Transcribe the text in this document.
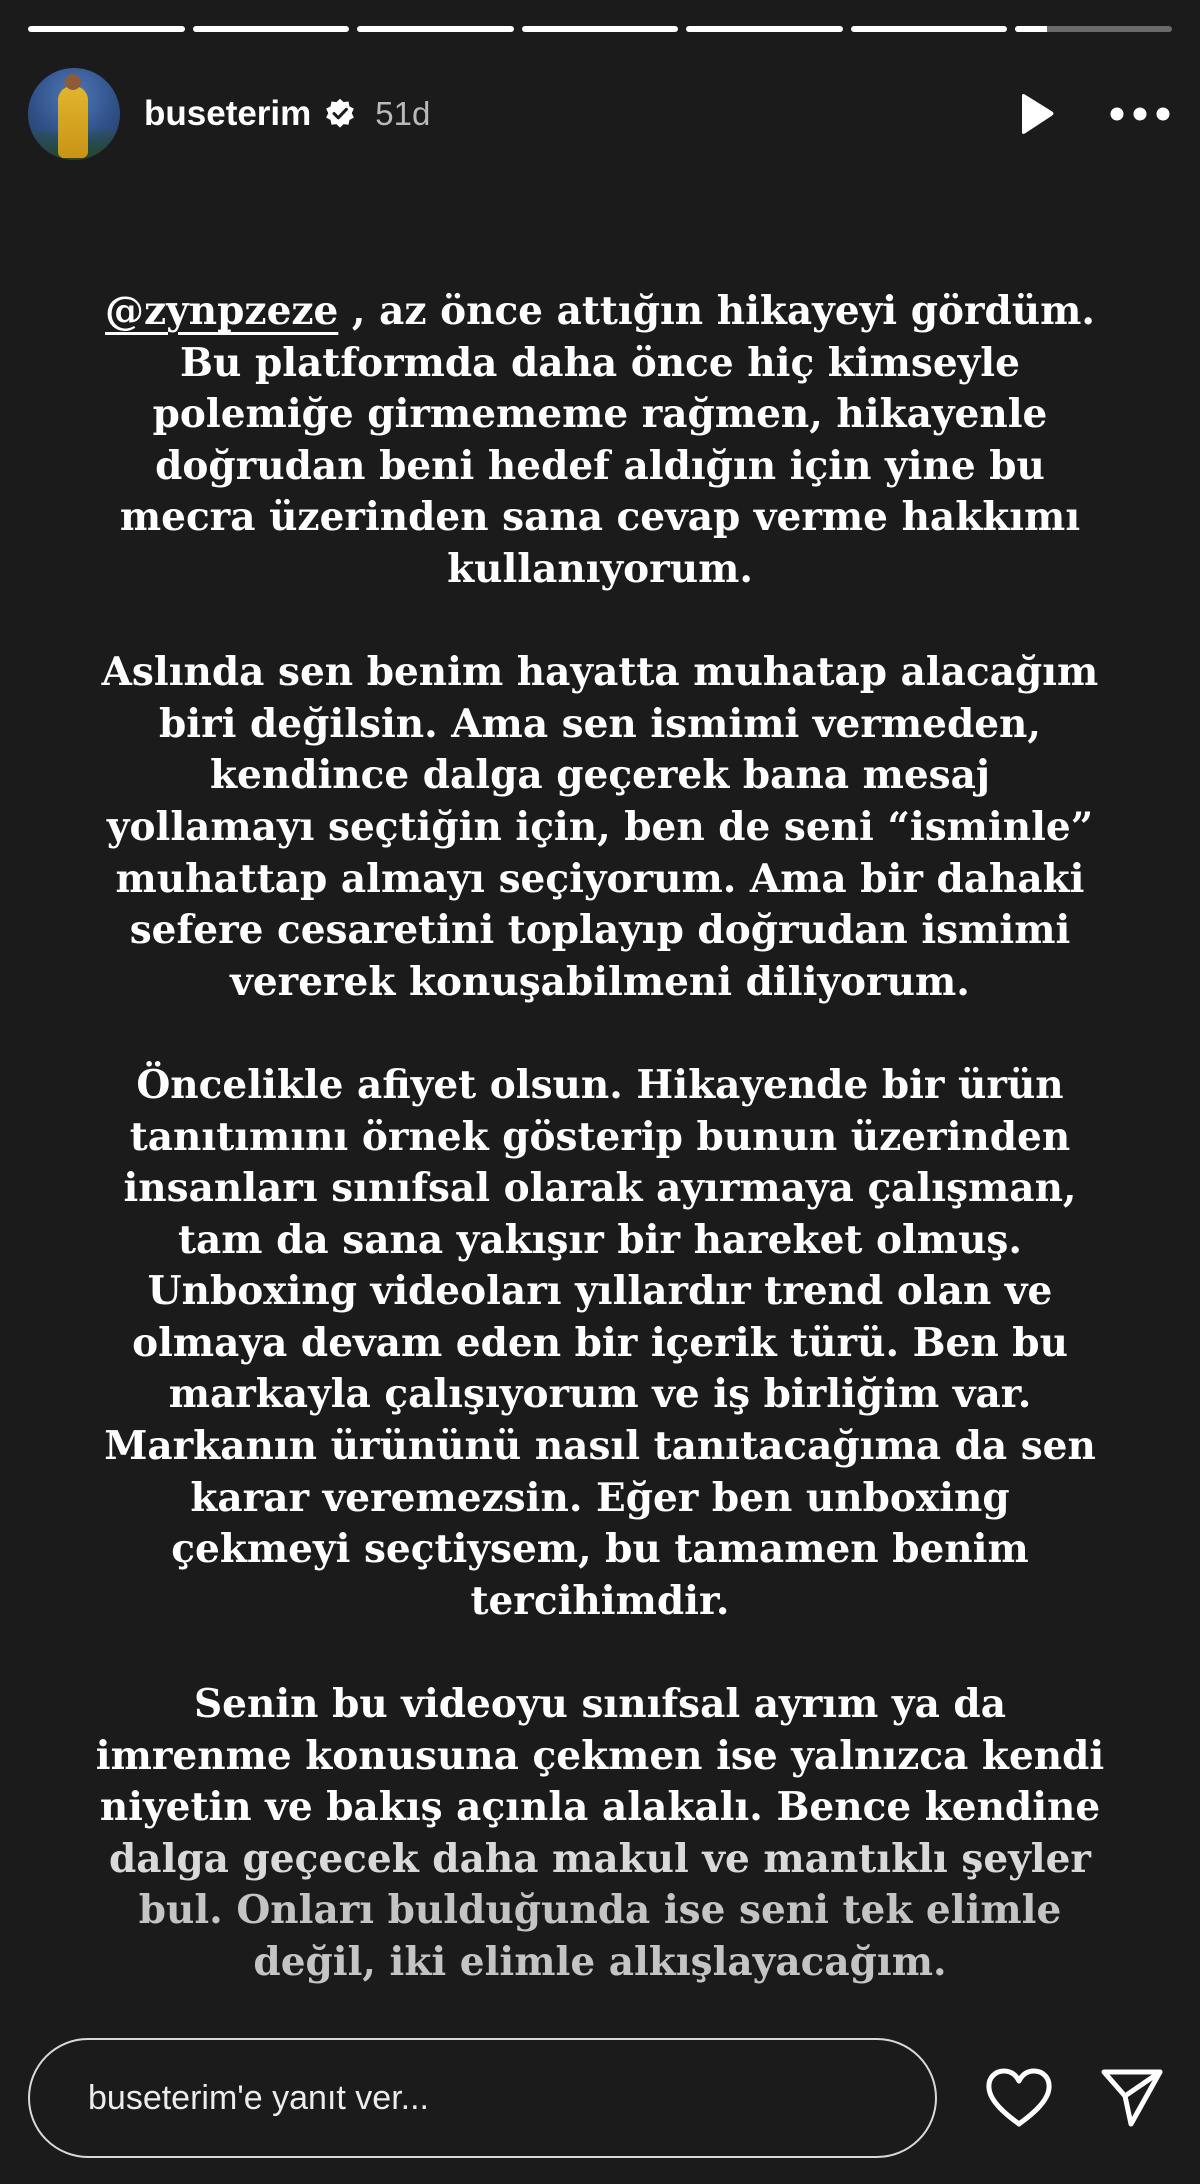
buseterim 51d

@zynpzeze , az önce attığın hikayeyi gördüm.
Bu platformda daha önce hiç kimseyle
polemiğe girmememe rağmen, hikayenle
doğrudan beni hedef aldığın için yine bu
mecra üzerinden sana cevap verme hakkımı
kullanıyorum.

Aslında sen benim hayatta muhatap alacağım
biri değilsin. Ama sen ismimi vermeden,
kendince dalga geçerek bana mesaj
yollamayı seçtiğin için, ben de seni “isminle”
muhattap almayı seçiyorum. Ama bir dahaki
sefere cesaretini toplayıp doğrudan ismimi
vererek konuşabilmeni diliyorum.

Öncelikle afiyet olsun. Hikayende bir ürün
tanıtımını örnek gösterip bunun üzerinden
insanları sınıfsal olarak ayırmaya çalışman,
tam da sana yakışır bir hareket olmuş.
Unboxing videoları yıllardır trend olan ve
olmaya devam eden bir içerik türü. Ben bu
markayla çalışıyorum ve iş birliğim var.
Markanın ürününü nasıl tanıtacağıma da sen
karar veremezsin. Eğer ben unboxing
çekmeyi seçtiysem, bu tamamen benim
tercihimdir.

Senin bu videoyu sınıfsal ayrım ya da
imrenme konusuna çekmen ise yalnızca kendi
niyetin ve bakış açınla alakalı. Bence kendine
dalga geçecek daha makul ve mantıklı şeyler
bul. Onları bulduğunda ise seni tek elimle
değil, iki elimle alkışlayacağım.

buseterim'e yanıt ver...
